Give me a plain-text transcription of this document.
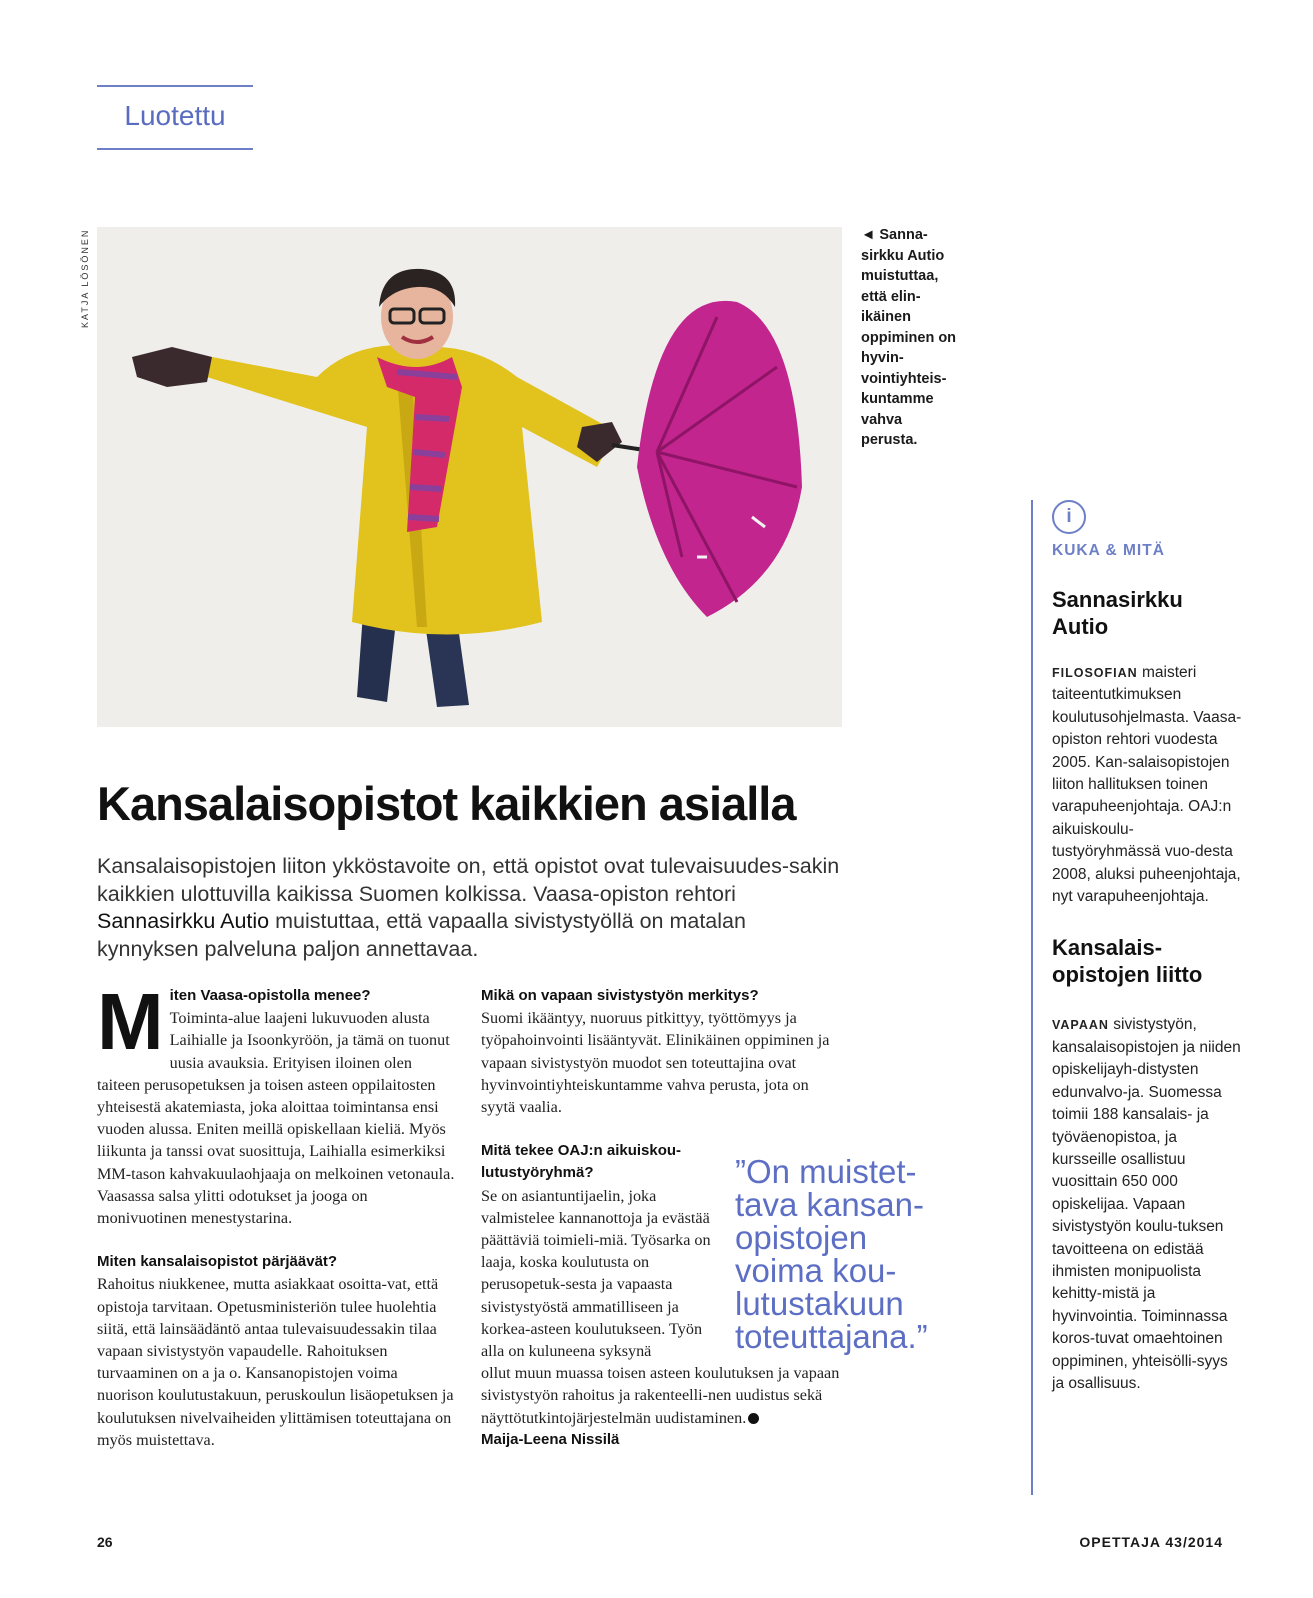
Luotettu
KATJA LÖSÖNEN	◄ Sanna-sirkku Autio muistuttaa, että elin-ikäinen oppiminen on hyvin-vointiyhteis-kuntamme vahva perusta.
Kansalaisopistot kaikkien asialla
Kansalaisopistojen liiton ykköstavoite on, että opistot ovat tulevaisuudes-sakin kaikkien ulottuvilla kaikissa Suomen kolkissa. Vaasa-opiston rehtori Sannasirkku Autio muistuttaa, että vapaalla sivistystyöllä on matalan kynnyksen palveluna paljon annettavaa.
M iten Vaasa-opistolla menee?
Toiminta-alue laajeni lukuvuoden alusta Laihialle ja Isoonkyröön, ja tämä on tuonut uusia avauksia. Erityisen iloinen olen taiteen perusopetuksen ja toisen asteen oppilaitosten yhteisestä akatemiasta, joka aloittaa toimintansa ensi vuoden alussa. Eniten meillä opiskellaan kieliä. Myös liikunta ja tanssi ovat suosittuja, Laihialla esimerkiksi MM-tason kahvakuulaohjaaja on melkoinen vetonaula. Vaasassa salsa ylitti odotukset ja jooga on monivuotinen menestystarina.
Miten kansalaisopistot pärjäävät?
Rahoitus niukkenee, mutta asiakkaat osoitta-vat, että opistoja tarvitaan. Opetusministeriön tulee huolehtia siitä, että lainsäädäntö antaa tulevaisuudessakin tilaa vapaan sivistystyön vapaudelle. Rahoituksen turvaaminen on a ja o. Kansanopistojen voima nuorison koulutustakuun, peruskoulun lisäopetuksen ja koulutuksen nivelvaiheiden ylittämisen toteuttajana on myös muistettava.
Mikä on vapaan sivistystyön merkitys?
Suomi ikääntyy, nuoruus pitkittyy, työttömyys ja työpahoinvointi lisääntyvät. Elinikäinen oppiminen ja vapaan sivistystyön muodot sen toteuttajina ovat hyvinvointiyhteiskuntamme vahva perusta, jota on syytä vaalia.
Mitä tekee OAJ:n aikuiskou-lutustyöryhmä?
Se on asiantuntijaelin, joka valmistelee kannanottoja ja evästää päättäviä toimieli-miä. Työsarka on laaja, koska koulutusta on perusopetuk-sesta ja vapaasta sivistystyöstä ammatilliseen ja korkea-asteen koulutukseen. Työn alla on kuluneena syksynä
ollut muun muassa toisen asteen koulutuksen ja vapaan sivistystyön rahoitus ja rakenteelli-nen uudistus sekä näyttötutkintojärjestelmän uudistaminen.
Maija-Leena Nissilä
”On muistet-tava kansan-opistojen voima kou-lutustakuun toteuttajana.”
i
KUKA & MITÄ
Sannasirkku Autio
FILOSOFIAN maisteri taiteentutkimuksen koulutusohjelmasta. Vaasa-opiston rehtori vuodesta 2005. Kan-salaisopistojen liiton hallituksen toinen varapuheenjohtaja. OAJ:n aikuiskoulu-tustyöryhmässä vuo-desta 2008, aluksi puheenjohtaja, nyt varapuheenjohtaja.
Kansalais-opistojen liitto
VAPAAN sivistystyön, kansalaisopistojen ja niiden opiskelijayh-distysten edunvalvo-ja. Suomessa toimii 188 kansalais- ja työväenopistoa, ja kursseille osallistuu vuosittain 650 000 opiskelijaa. Vapaan sivistystyön koulu-tuksen tavoitteena on edistää ihmisten monipuolista kehitty-mistä ja hyvinvointia. Toiminnassa koros-tuvat omaehtoinen oppiminen, yhteisölli-syys ja osallisuus.
26	OPETTAJA 43/2014
